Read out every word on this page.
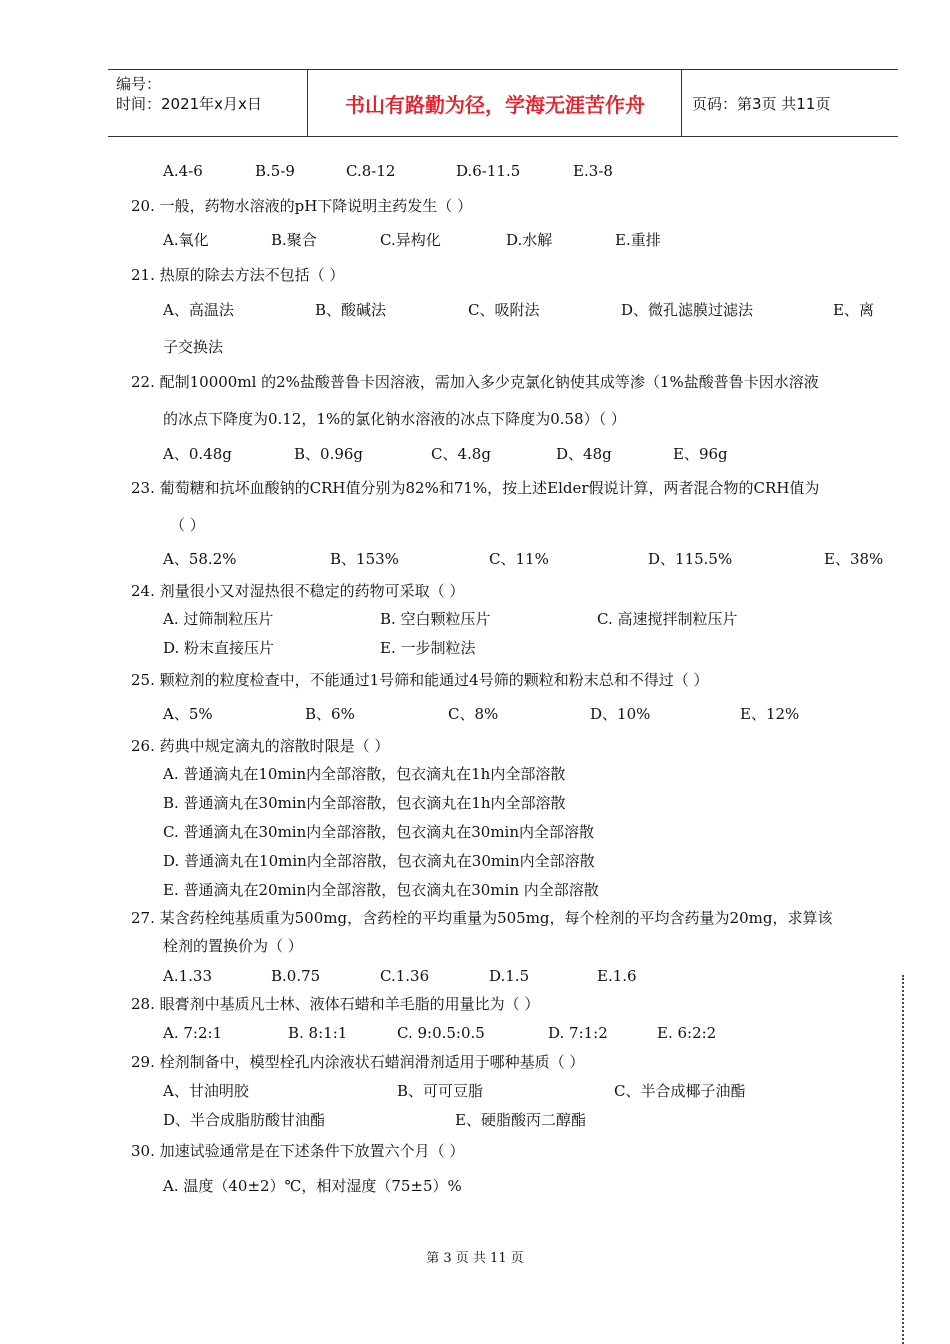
编号：
时间：2021年x月x日	书山有路勤为径，学海无涯苦作舟	页码：第3页 共11页
A.4-6	B.5-9	C.8-12	D.6-11.5	E.3-8
20. 一般，药物水溶液的pH下降说明主药发生（ ）
A.氧化	B.聚合	C.异构化	D.水解	E.重排
21. 热原的除去方法不包括（ ）
A、高温法	B、酸碱法	C、吸附法	D、微孔滤膜过滤法	E、离
子交换法
22. 配制10000ml 的2%盐酸普鲁卡因溶液，需加入多少克氯化钠使其成等渗（1%盐酸普鲁卡因水溶液
的冰点下降度为0.12，1%的氯化钠水溶液的冰点下降度为0.58）（ ）
A、0.48g	B、0.96g	C、4.8g	D、48g	E、96g
23. 葡萄糖和抗坏血酸钠的CRH值分别为82%和71%，按上述Elder假说计算，两者混合物的CRH值为
（ ）
A、58.2%	B、153%	C、11%	D、115.5%	E、38%
24. 剂量很小又对湿热很不稳定的药物可采取（ ）
A. 过筛制粒压片	B. 空白颗粒压片	C. 高速搅拌制粒压片
D. 粉末直接压片	E. 一步制粒法
25. 颗粒剂的粒度检查中，不能通过1号筛和能通过4号筛的颗粒和粉末总和不得过（ ）
A、5%	B、6%	C、8%	D、10%	E、12%
26. 药典中规定滴丸的溶散时限是（ ）
A. 普通滴丸在10min内全部溶散，包衣滴丸在1h内全部溶散
B. 普通滴丸在30min内全部溶散，包衣滴丸在1h内全部溶散
C. 普通滴丸在30min内全部溶散，包衣滴丸在30min内全部溶散
D. 普通滴丸在10min内全部溶散，包衣滴丸在30min内全部溶散
E. 普通滴丸在20min内全部溶散，包衣滴丸在30min 内全部溶散
27. 某含药栓纯基质重为500mg，含药栓的平均重量为505mg，每个栓剂的平均含药量为20mg，求算该
栓剂的置换价为（ ）
A.1.33	B.0.75	C.1.36	D.1.5	E.1.6
28. 眼膏剂中基质凡士林、液体石蜡和羊毛脂的用量比为（ ）
A. 7:2:1	B. 8:1:1	C. 9:0.5:0.5	D. 7:1:2	E. 6:2:2
29. 栓剂制备中，模型栓孔内涂液状石蜡润滑剂适用于哪种基质（ ）
A、甘油明胶	B、可可豆脂	C、半合成椰子油酯
D、半合成脂肪酸甘油酯	E、硬脂酸丙二醇酯
30. 加速试验通常是在下述条件下放置六个月（ ）
A. 温度（40±2）℃，相对湿度（75±5）%
第 3 页 共 11 页
